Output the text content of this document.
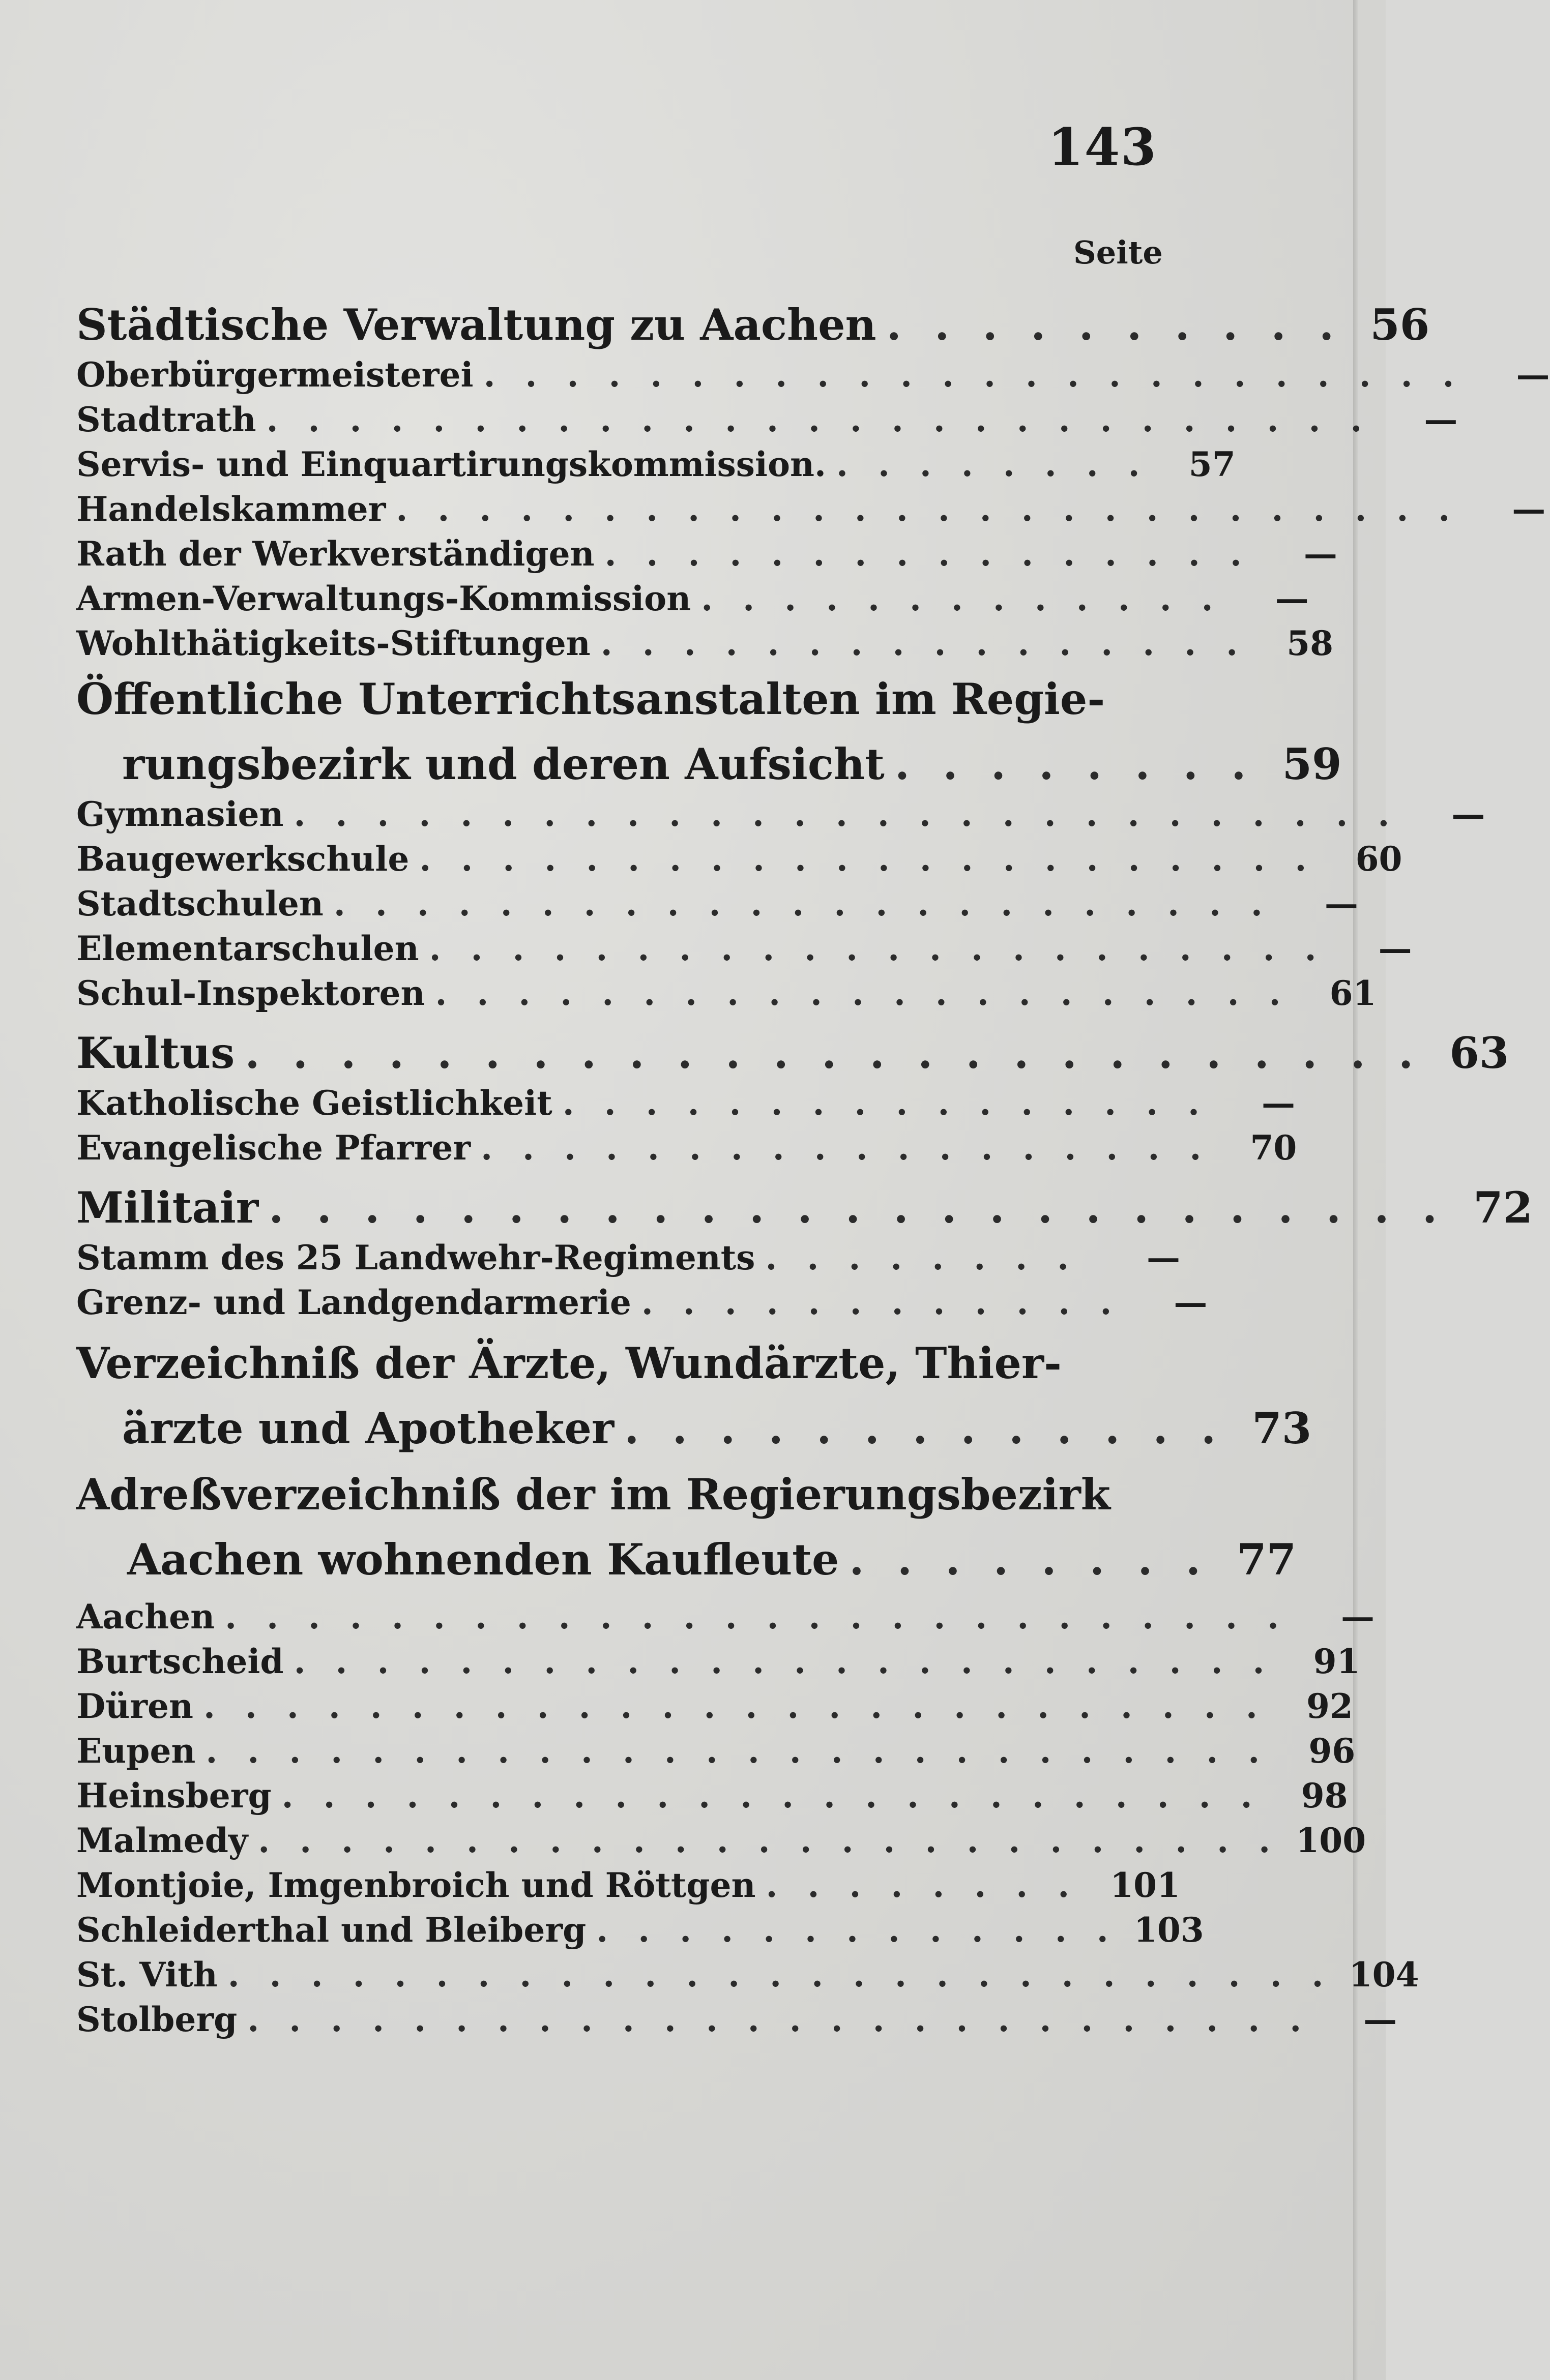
143
Seite
Städtische Verwaltung zu Aachen . . . . . . . . . . 56
Oberbürgermeisterei . . . . . . . . . . . . . . . . . . . . . . . .	—
Stadtrath . . . . . . . . . . . . . . . . . . . . . . . . . . .	—
Servis- und Einquartirungskommission. . . . . . . . .	57
Handelskammer . . . . . . . . . . . . . . . . . . . . . . . . . .	—
Rath der Werkverständigen . . . . . . . . . . . . . . . .	—
Armen-Verwaltungs-Kommission . . . . . . . . . . . . .	—
Wohlthätigkeits-Stiftungen . . . . . . . . . . . . . . . .	58
Öffentliche Unterrichtsanstalten im Regie-
rungsbezirk und deren Aufsicht . . . . . . . . 59
Gymnasien . . . . . . . . . . . . . . . . . . . . . . . . . . .	—
Baugewerkschule . . . . . . . . . . . . . . . . . . . . . .	60
Stadtschulen . . . . . . . . . . . . . . . . . . . . . . .	—
Elementarschulen . . . . . . . . . . . . . . . . . . . . . .	—
Schul-Inspektoren . . . . . . . . . . . . . . . . . . . . .	61
Kultus . . . . . . . . . . . . . . . . . . . . . . . . . 63
Katholische Geistlichkeit . . . . . . . . . . . . . . . .	—
Evangelische Pfarrer . . . . . . . . . . . . . . . . . .	70
Militair . . . . . . . . . . . . . . . . . . . . . . . . . 72
Stamm des 25 Landwehr-Regiments . . . . . . . .	—
Grenz- und Landgendarmerie . . . . . . . . . . . .	—
Verzeichniß der Ärzte, Wundärzte, Thier-
ärzte und Apotheker . . . . . . . . . . . . . 73
Adreßverzeichniß der im Regierungsbezirk
Aachen wohnenden Kaufleute . . . . . . . . 77
Aachen . . . . . . . . . . . . . . . . . . . . . . . . . .	—
Burtscheid . . . . . . . . . . . . . . . . . . . . . . . .	91
Düren . . . . . . . . . . . . . . . . . . . . . . . . . .	92
Eupen . . . . . . . . . . . . . . . . . . . . . . . . . .	96
Heinsberg . . . . . . . . . . . . . . . . . . . . . . . .	98
Malmedy . . . . . . . . . . . . . . . . . . . . . . . . . 100
Montjoie, Imgenbroich und Röttgen . . . . . . . . 101
Schleiderthal und Bleiberg . . . . . . . . . . . . . 103
St. Vith . . . . . . . . . . . . . . . . . . . . . . . . . . . 104
Stolberg . . . . . . . . . . . . . . . . . . . . . . . . . .	—
